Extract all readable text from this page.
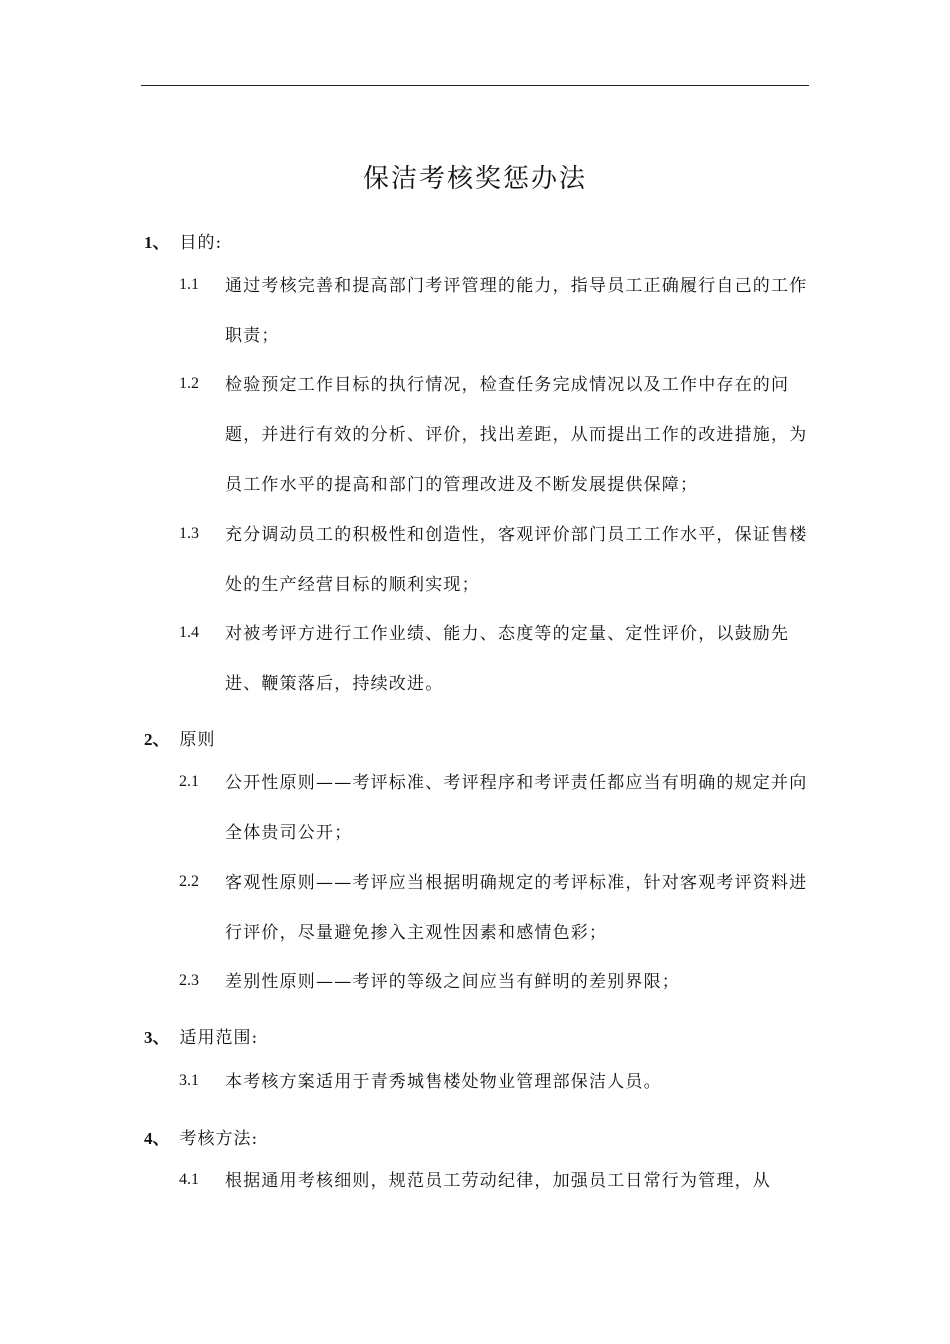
保洁考核奖惩办法
1、 目的:
1.1 通过考核完善和提高部门考评管理的能力，指导员工正确履行自己的工作职责；
1.2 检验预定工作目标的执行情况，检查任务完成情况以及工作中存在的问题，并进行有效的分析、评价，找出差距，从而提出工作的改进措施，为员工作水平的提高和部门的管理改进及不断发展提供保障；
1.3 充分调动员工的积极性和创造性，客观评价部门员工工作水平，保证售楼处的生产经营目标的顺利实现；
1.4 对被考评方进行工作业绩、能力、态度等的定量、定性评价，以鼓励先进、鞭策落后，持续改进。
2、 原则
2.1 公开性原则——考评标准、考评程序和考评责任都应当有明确的规定并向全体贵司公开；
2.2 客观性原则——考评应当根据明确规定的考评标准，针对客观考评资料进行评价，尽量避免掺入主观性因素和感情色彩；
2.3 差别性原则——考评的等级之间应当有鲜明的差别界限；
3、 适用范围:
3.1 本考核方案适用于青秀城售楼处物业管理部保洁人员。
4、 考核方法:
4.1 根据通用考核细则，规范员工劳动纪律，加强员工日常行为管理，从
